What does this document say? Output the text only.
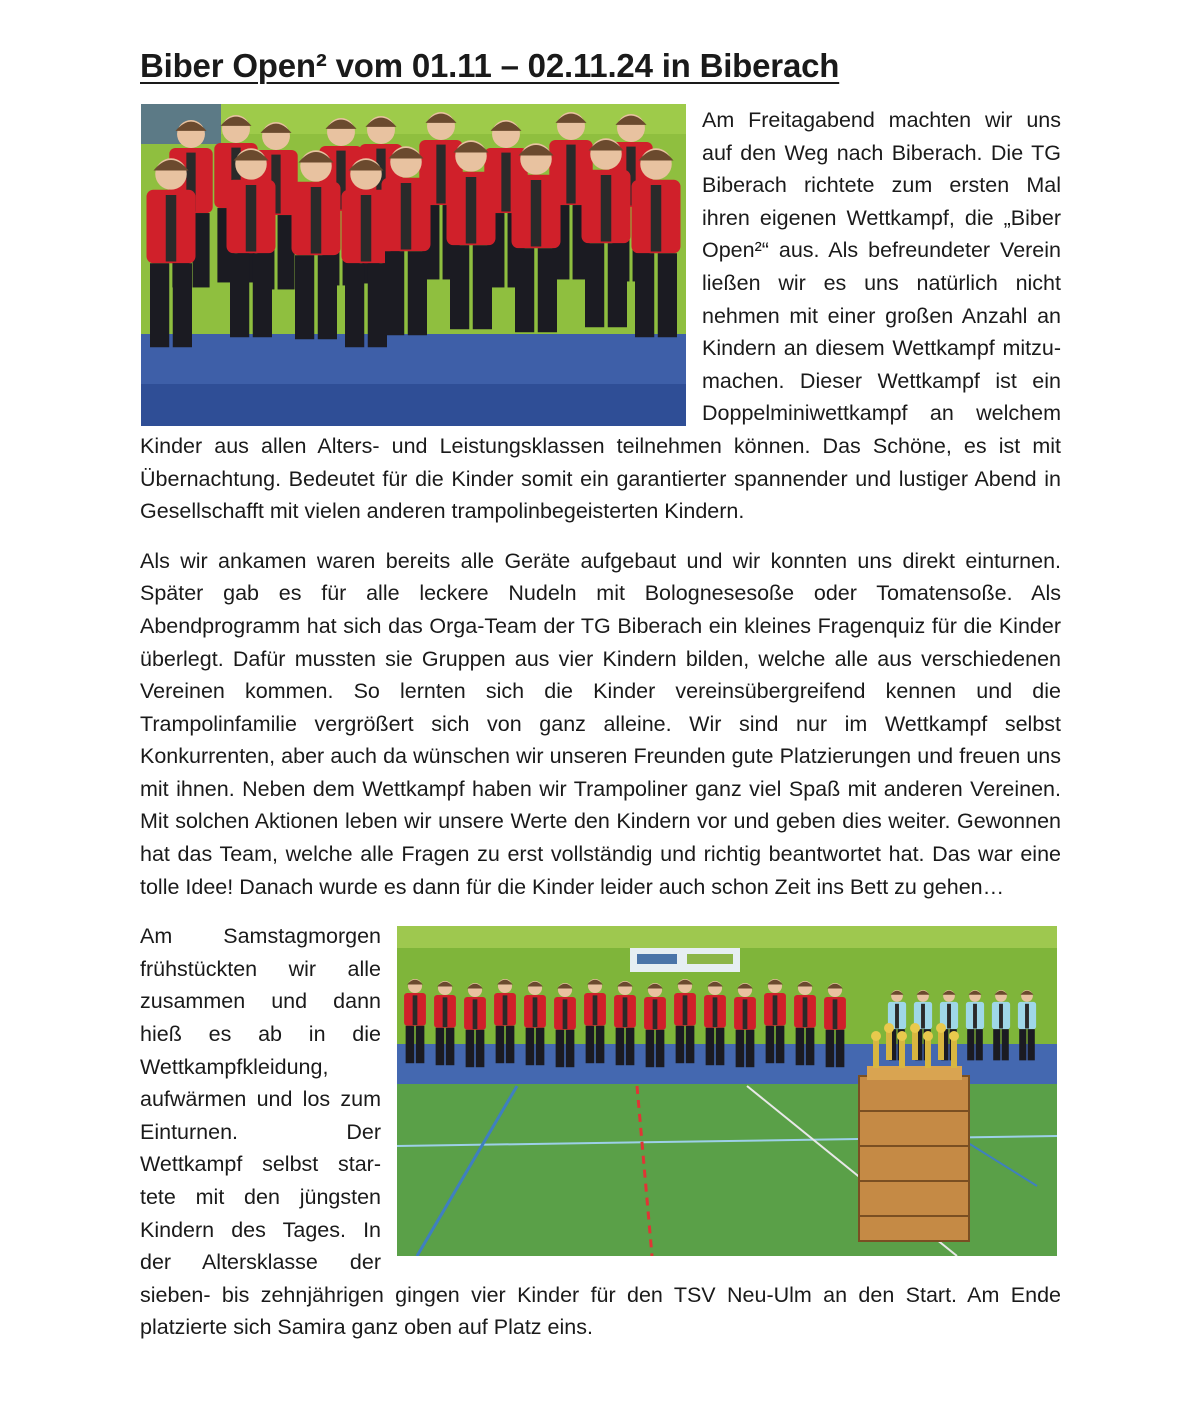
Biber Open² vom 01.11 – 02.11.24 in Biberach

Am Freitagabend machten wir uns auf den Weg nach Biberach. Die TG Biberach richtete zum ersten Mal ihren eigenen Wettkampf, die „Biber Open²“ aus. Als befreundeter Verein ließen wir es uns natürlich nicht nehmen mit einer großen Anzahl an Kindern an diesem Wettkampf mitzumachen. Dieser Wettkampf ist ein Doppelminiwettkampf an welchem Kinder aus allen Alters- und Leistungsklassen teilnehmen können. Das Schöne, es ist mit Übernachtung. Bedeutet für die Kinder somit ein garantierter spannender und lustiger Abend in Gesellschafft mit vielen anderen trampolinbegeisterten Kindern.

Als wir ankamen waren bereits alle Geräte aufgebaut und wir konnten uns direkt einturnen. Später gab es für alle leckere Nudeln mit Bolognesesoße oder Tomatensoße. Als Abendprogramm hat sich das Orga-Team der TG Biberach ein kleines Fragenquiz für die Kinder überlegt. Dafür mussten sie Gruppen aus vier Kindern bilden, welche alle aus verschiedenen Vereinen kommen. So lernten sich die Kinder vereinsübergreifend kennen und die Trampolinfamilie vergrößert sich von ganz alleine. Wir sind nur im Wettkampf selbst Konkurrenten, aber auch da wünschen wir unseren Freunden gute Platzierungen und freuen uns mit ihnen. Neben dem Wettkampf haben wir Trampoliner ganz viel Spaß mit anderen Vereinen. Mit solchen Aktionen leben wir unsere Werte den Kindern vor und geben dies weiter. Gewonnen hat das Team, welche alle Fragen zu erst vollständig und richtig beantwortet hat. Das war eine tolle Idee! Danach wurde es dann für die Kinder leider auch schon Zeit ins Bett zu gehen…

Am Samstagmorgen frühstückten wir alle zusammen und dann hieß es ab in die Wettkampfkleidung, aufwärmen und los zum Einturnen. Der Wettkampf selbst startete mit den jüngsten Kindern des Tages. In der Altersklasse der sieben- bis zehnjährigen gingen vier Kinder für den TSV Neu-Ulm an den Start. Am Ende platzierte sich Samira ganz oben auf Platz eins.
